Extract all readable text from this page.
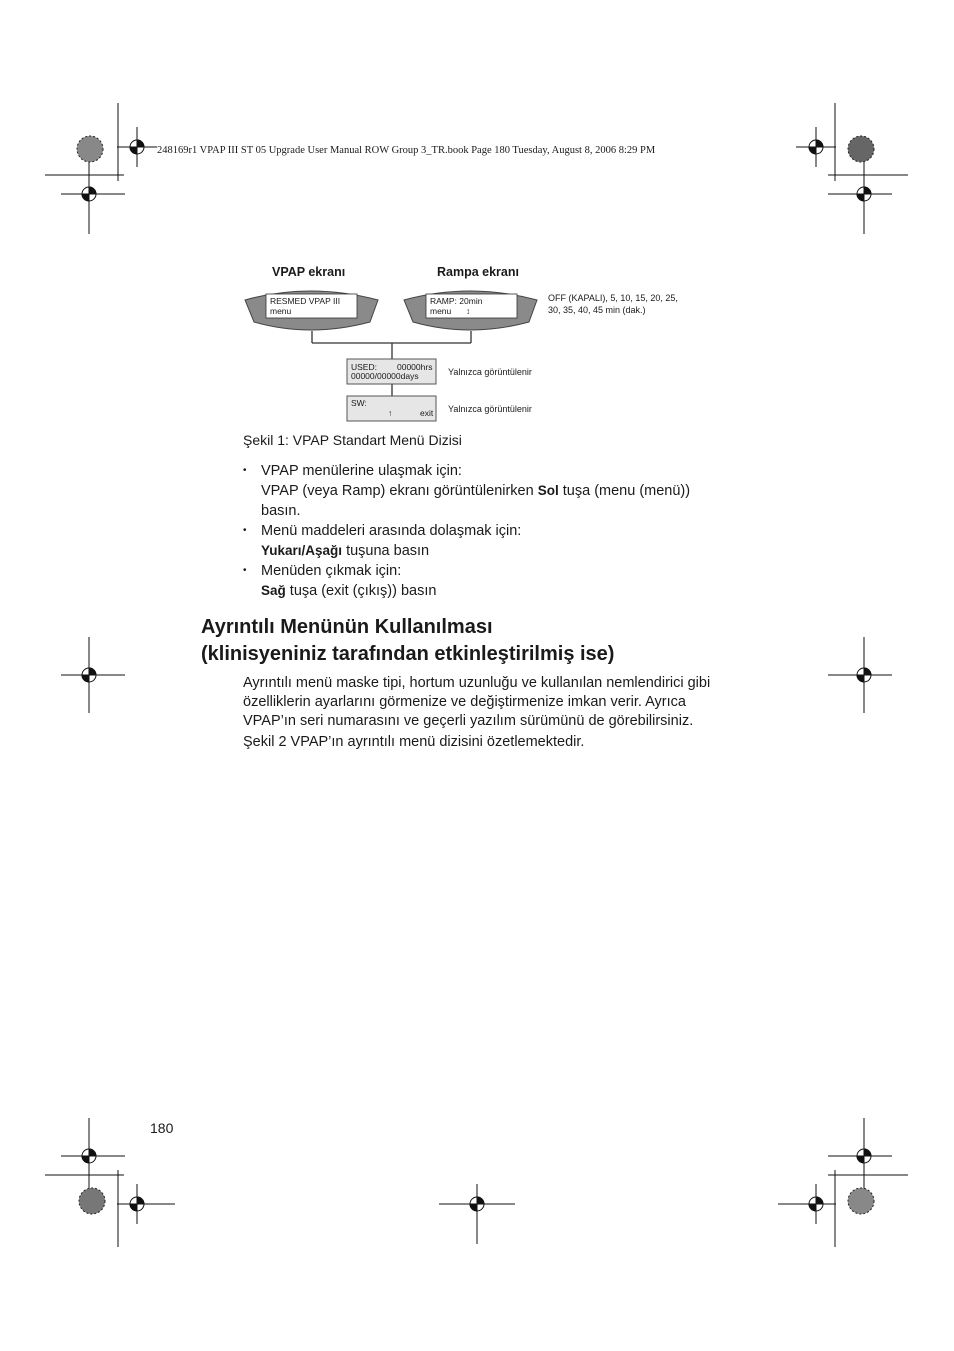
248169r1 VPAP III ST 05 Upgrade User Manual ROW Group 3_TR.book Page 180 Tuesday, August 8, 2006 8:29 PM
VPAP ekranı	Rampa ekranı
RESMED VPAP III
menu
RAMP: 20min
menu ↕
OFF (KAPALI), 5, 10, 15, 20, 25,
30, 35, 40, 45 min (dak.)
USED: 00000hrs
00000/00000days	Yalnızca görüntülenir
SW:
↑	exit Yalnızca görüntülenir
Şekil 1: VPAP Standart Menü Dizisi
• VPAP menülerine ulaşmak için:
VPAP (veya Ramp) ekranı görüntülenirken Sol tuşa (menu (menü))
basın.
• Menü maddeleri arasında dolaşmak için:
Yukarı/Aşağı tuşuna basın
• Menüden çıkmak için:
Sağ tuşa (exit (çıkış)) basın
Ayrıntılı Menünün Kullanılması
(klinisyeniniz tarafından etkinleştirilmiş ise)
Ayrıntılı menü maske tipi, hortum uzunluğu ve kullanılan nemlendirici gibi
özelliklerin ayarlarını görmenize ve değiştirmenize imkan verir. Ayrıca
VPAP’ın seri numarasını ve geçerli yazılım sürümünü de görebilirsiniz.
Şekil 2 VPAP’ın ayrıntılı menü dizisini özetlemektedir.
180
